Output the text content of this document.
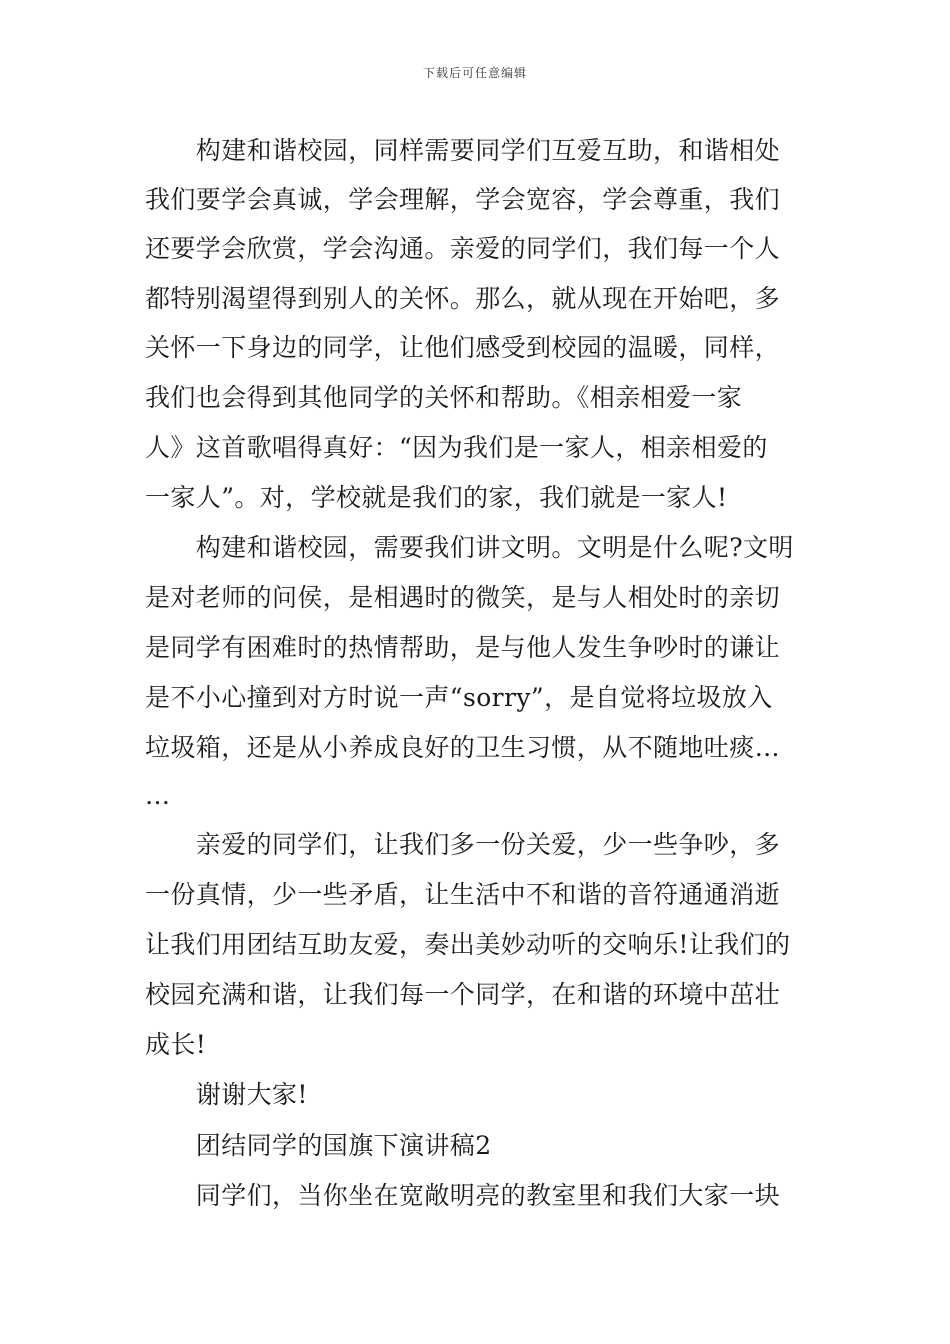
下载后可任意编辑
　　构建和谐校园，同样需要同学们互爱互助，和谐相处
我们要学会真诚，学会理解，学会宽容，学会尊重，我们
还要学会欣赏，学会沟通。亲爱的同学们，我们每一个人
都特别渴望得到别人的关怀。那么，就从现在开始吧，多
关怀一下身边的同学，让他们感受到校园的温暖，同样，
我们也会得到其他同学的关怀和帮助。《相亲相爱一家
人》这首歌唱得真好：“因为我们是一家人，相亲相爱的
一家人”。对，学校就是我们的家，我们就是一家人!
　　构建和谐校园，需要我们讲文明。文明是什么呢?文明
是对老师的问侯，是相遇时的微笑，是与人相处时的亲切
是同学有困难时的热情帮助，是与他人发生争吵时的谦让
是不小心撞到对方时说一声“sorry”，是自觉将垃圾放入
垃圾箱，还是从小养成良好的卫生习惯，从不随地吐痰…
…
　　亲爱的同学们，让我们多一份关爱，少一些争吵，多
一份真情，少一些矛盾，让生活中不和谐的音符通通消逝
让我们用团结互助友爱，奏出美妙动听的交响乐!让我们的
校园充满和谐，让我们每一个同学，在和谐的环境中茁壮
成长!
　　谢谢大家!
　　团结同学的国旗下演讲稿2
　　同学们，当你坐在宽敞明亮的教室里和我们大家一块
